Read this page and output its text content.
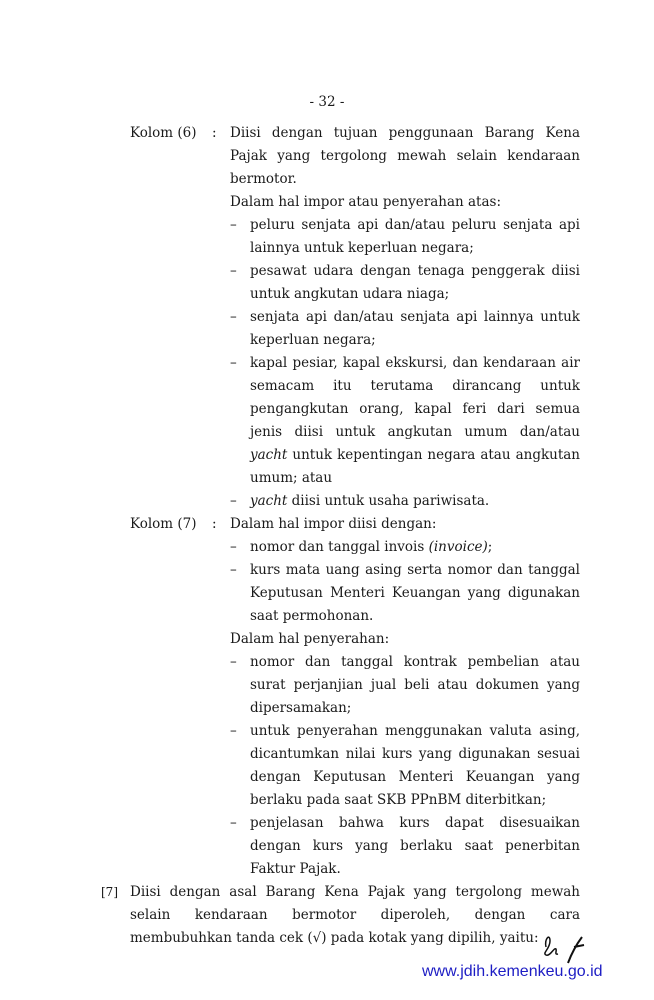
- 32 -
Kolom (6) : Diisi dengan tujuan penggunaan Barang Kena Pajak yang tergolong mewah selain kendaraan bermotor.
Dalam hal impor atau penyerahan atas:
– peluru senjata api dan/atau peluru senjata api lainnya untuk keperluan negara;
– pesawat udara dengan tenaga penggerak diisi untuk angkutan udara niaga;
– senjata api dan/atau senjata api lainnya untuk keperluan negara;
– kapal pesiar, kapal ekskursi, dan kendaraan air semacam itu terutama dirancang untuk pengangkutan orang, kapal feri dari semua jenis diisi untuk angkutan umum dan/atau yacht untuk kepentingan negara atau angkutan umum; atau
– yacht diisi untuk usaha pariwisata.
Kolom (7) : Dalam hal impor diisi dengan:
– nomor dan tanggal invois (invoice);
– kurs mata uang asing serta nomor dan tanggal Keputusan Menteri Keuangan yang digunakan saat permohonan.
Dalam hal penyerahan:
– nomor dan tanggal kontrak pembelian atau surat perjanjian jual beli atau dokumen yang dipersamakan;
– untuk penyerahan menggunakan valuta asing, dicantumkan nilai kurs yang digunakan sesuai dengan Keputusan Menteri Keuangan yang berlaku pada saat SKB PPnBM diterbitkan;
– penjelasan bahwa kurs dapat disesuaikan dengan kurs yang berlaku saat penerbitan Faktur Pajak.
[7] Diisi dengan asal Barang Kena Pajak yang tergolong mewah selain kendaraan bermotor diperoleh, dengan cara membubuhkan tanda cek (√) pada kotak yang dipilih, yaitu:
www.jdih.kemenkeu.go.id
